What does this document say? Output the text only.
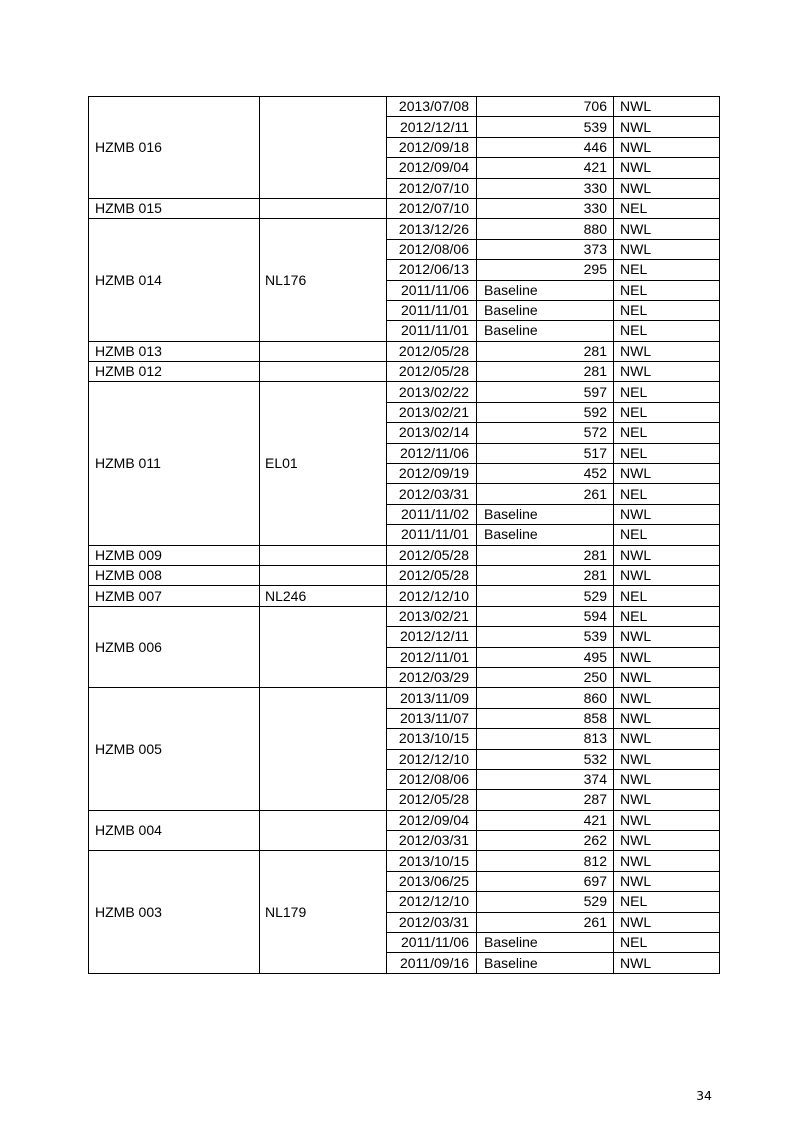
HZMB 016		2013/07/08	706	NWL
		2012/12/11	539	NWL
		2012/09/18	446	NWL
		2012/09/04	421	NWL
		2012/07/10	330	NWL
HZMB 015		2012/07/10	330	NEL
HZMB 014	NL176	2013/12/26	880	NWL
		2012/08/06	373	NWL
		2012/06/13	295	NEL
		2011/11/06	Baseline	NEL
		2011/11/01	Baseline	NEL
		2011/11/01	Baseline	NEL
HZMB 013		2012/05/28	281	NWL
HZMB 012		2012/05/28	281	NWL
HZMB 011	EL01	2013/02/22	597	NEL
		2013/02/21	592	NEL
		2013/02/14	572	NEL
		2012/11/06	517	NEL
		2012/09/19	452	NWL
		2012/03/31	261	NEL
		2011/11/02	Baseline	NWL
		2011/11/01	Baseline	NEL
HZMB 009		2012/05/28	281	NWL
HZMB 008		2012/05/28	281	NWL
HZMB 007	NL246	2012/12/10	529	NEL
HZMB 006		2013/02/21	594	NEL
		2012/12/11	539	NWL
		2012/11/01	495	NWL
		2012/03/29	250	NWL
HZMB 005		2013/11/09	860	NWL
		2013/11/07	858	NWL
		2013/10/15	813	NWL
		2012/12/10	532	NWL
		2012/08/06	374	NWL
		2012/05/28	287	NWL
HZMB 004		2012/09/04	421	NWL
		2012/03/31	262	NWL
HZMB 003	NL179	2013/10/15	812	NWL
		2013/06/25	697	NWL
		2012/12/10	529	NEL
		2012/03/31	261	NWL
		2011/11/06	Baseline	NEL
		2011/09/16	Baseline	NWL
34
